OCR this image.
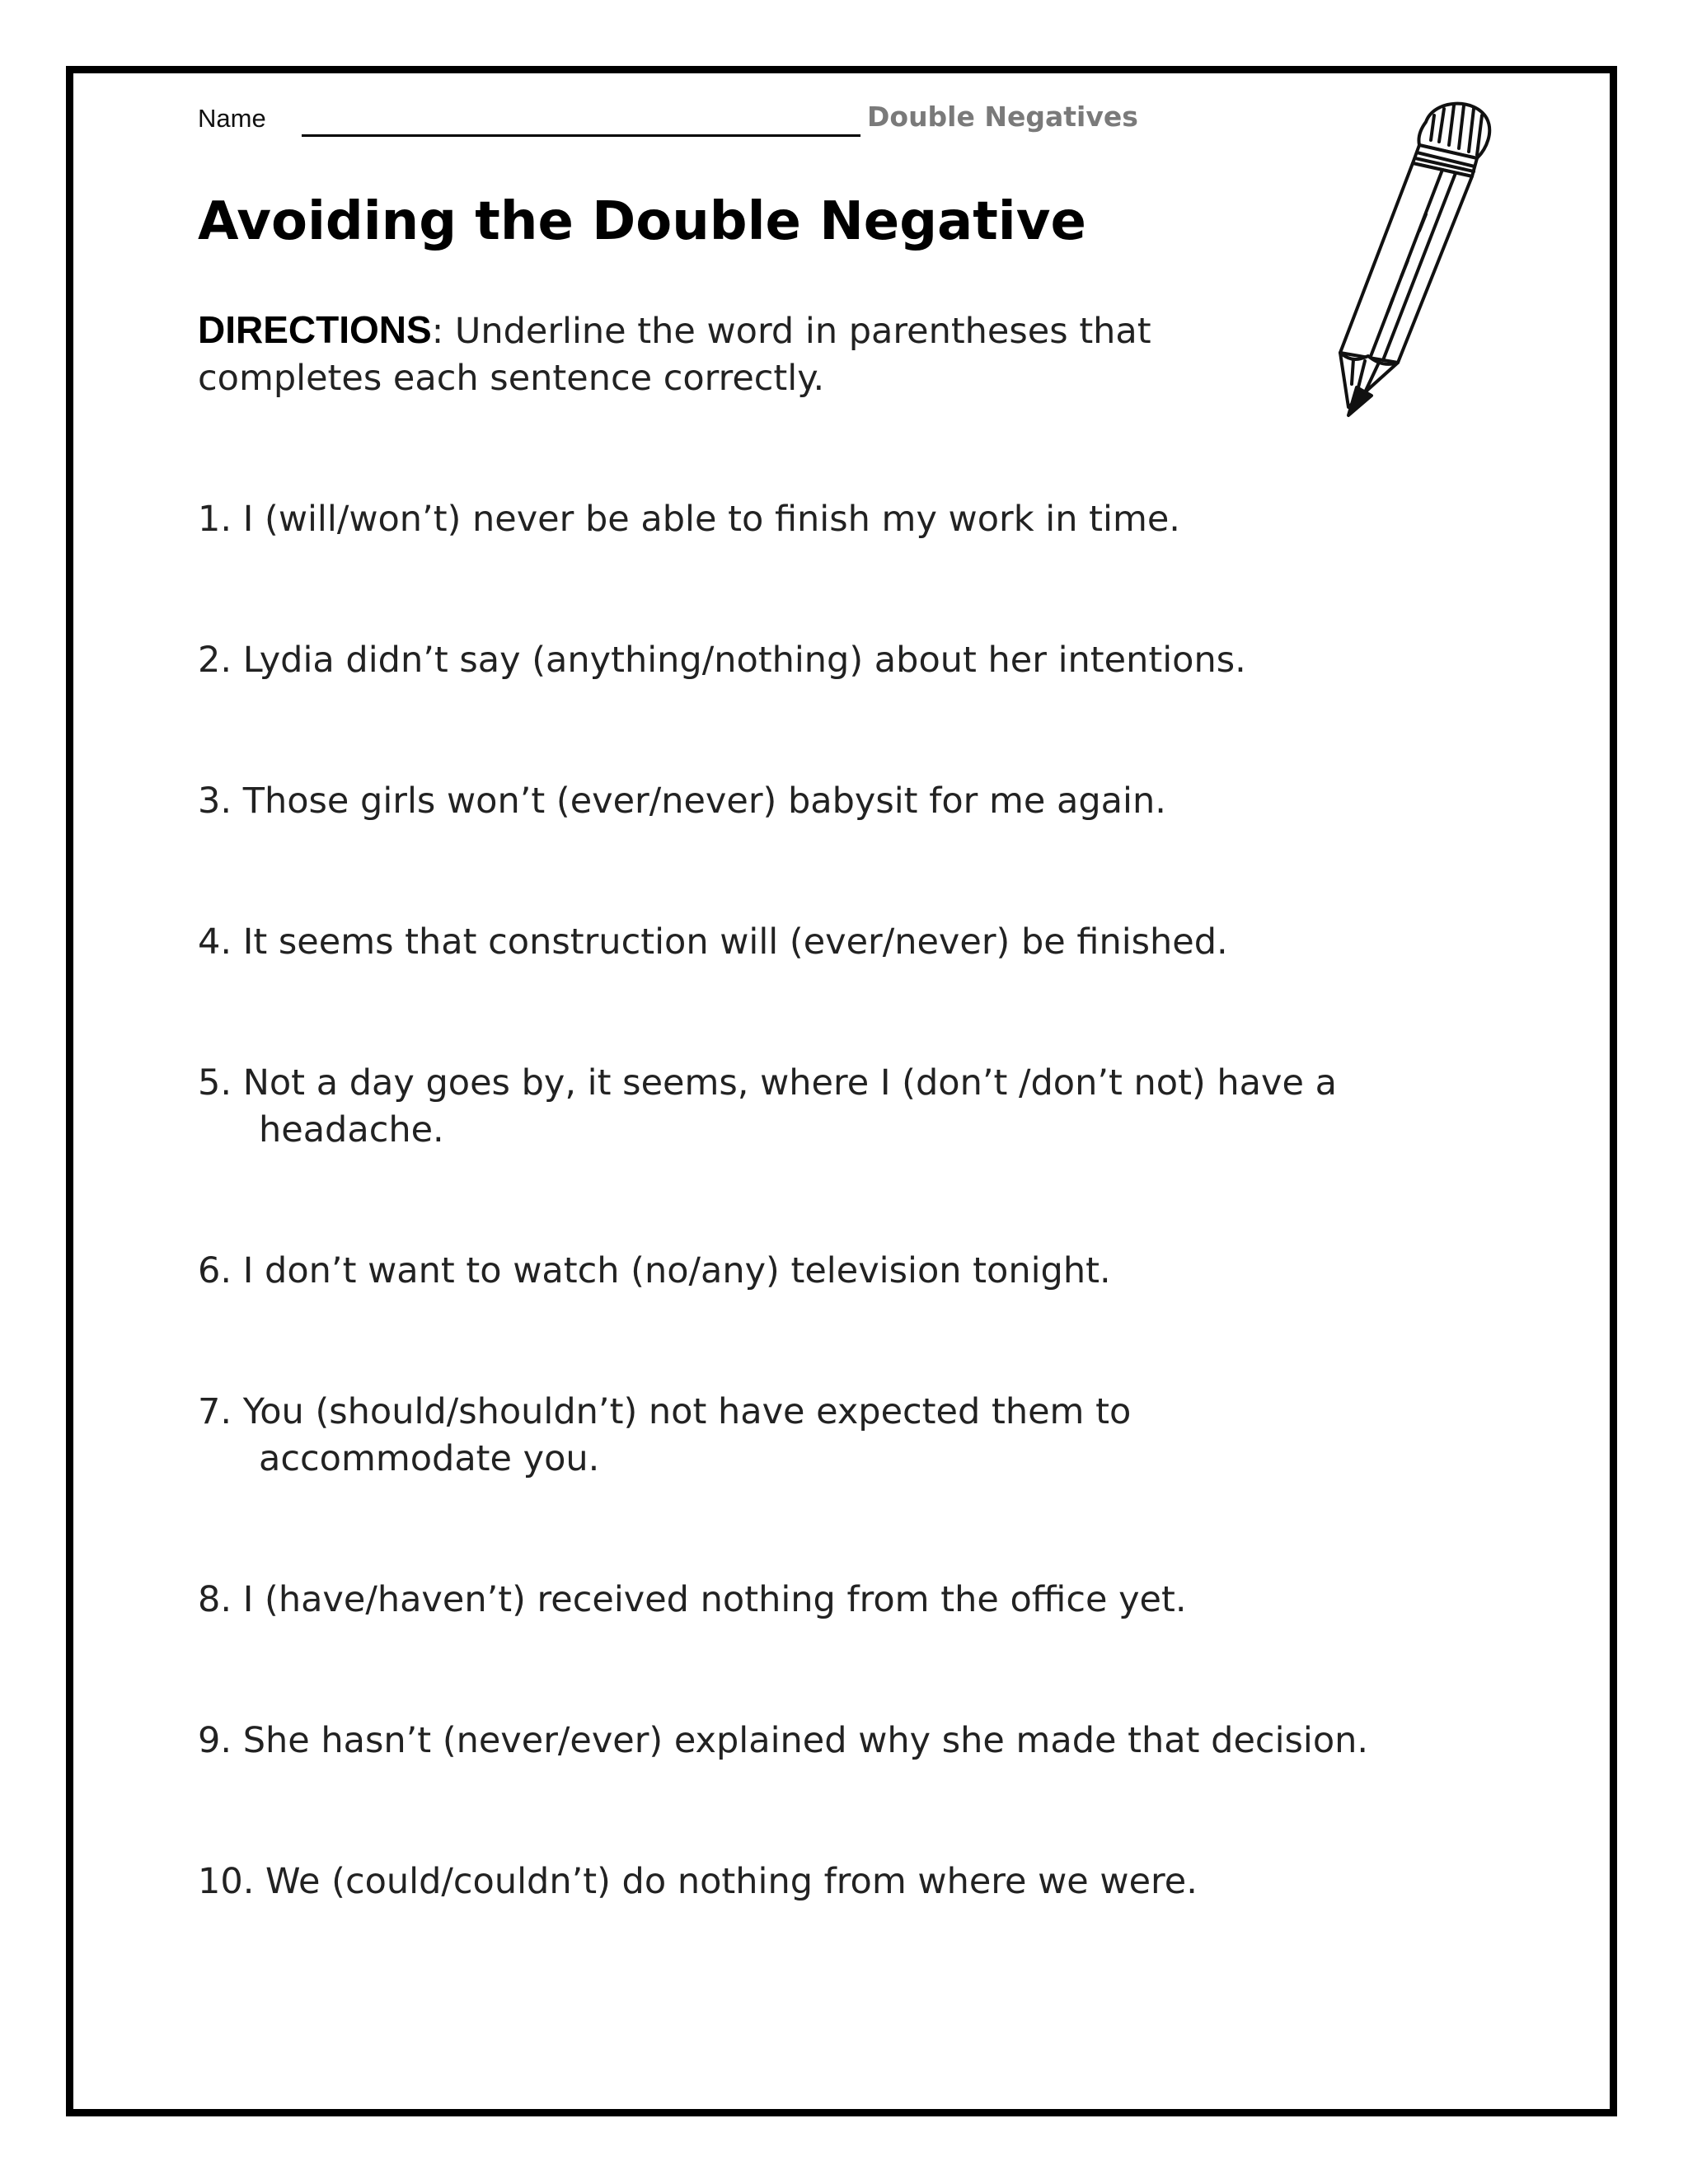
Name	Double Negatives
Avoiding the Double Negative
DIRECTIONS: Underline the word in parentheses that completes each sentence correctly.
1. I (will/won’t) never be able to finish my work in time.
2. Lydia didn’t say (anything/nothing) about her intentions.
3. Those girls won’t (ever/never) babysit for me again.
4. It seems that construction will (ever/never) be finished.
5. Not a day goes by, it seems, where I (don’t /don’t not) have a
headache.
6. I don’t want to watch (no/any) television tonight.
7. You (should/shouldn’t) not have expected them to
accommodate you.
8. I (have/haven’t) received nothing from the office yet.
9. She hasn’t (never/ever) explained why she made that decision.
10. We (could/couldn’t) do nothing from where we were.
